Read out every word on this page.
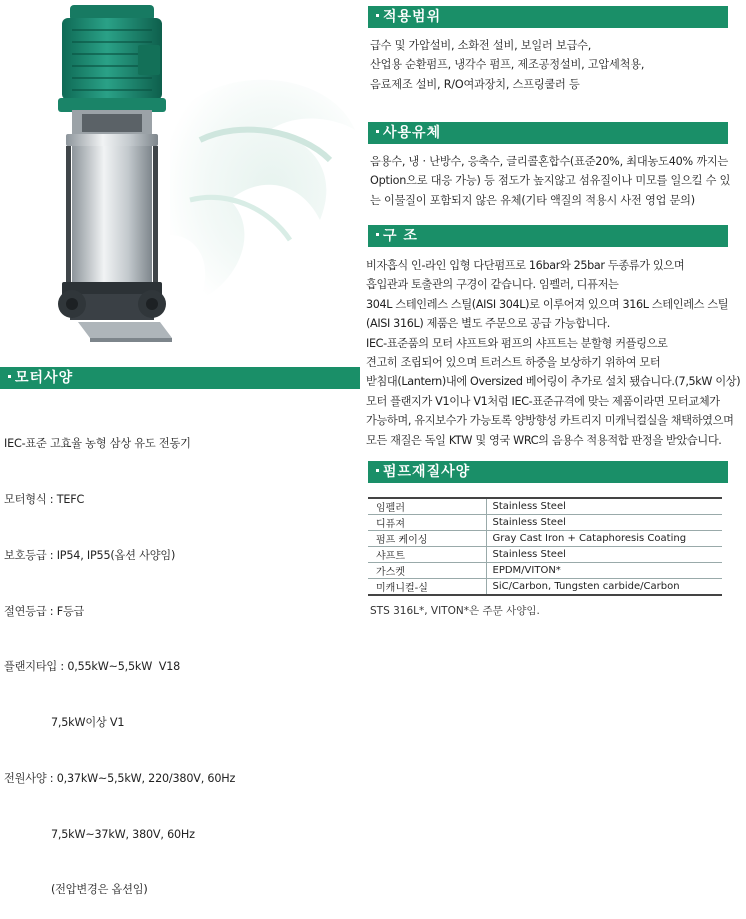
적용범위
급수 및 가압설비, 소화전 설비, 보일러 보급수,
산업용 순환펌프, 냉각수 펌프, 제조공정설비, 고압세척용,
음료제조 설비, R/O여과장치, 스프링쿨러 등
사용유체
음용수, 냉 · 난방수, 응축수, 글리콜혼합수(표준20%, 최대농도40% 까지는
Option으로 대응 가능) 등 점도가 높지않고 섬유질이나 미모를 일으킬 수 있
는 이물질이 포함되지 않은 유체(기타 액질의 적용시 사전 영업 문의)
구 조
비자흡식 인-라인 입형 다단펌프로 16bar와 25bar 두종류가 있으며
흡입관과 토출관의 구경이 같습니다. 임펠러, 디퓨저는
304L 스테인레스 스틸(AISI 304L)로 이루어져 있으며 316L 스테인레스 스틸
(AISI 316L) 제품은 별도 주문으로 공급 가능합니다.
IEC-표준품의 모터 샤프트와 펌프의 샤프트는 분할형 커플링으로
견고히 조립되어 있으며 트러스트 하중을 보상하기 위하여 모터
받침대(Lantern)내에 Oversized 베어링이 추가로 설치 됐습니다.(7,5kW 이상)
모터 플랜지가 V1이나 V1처럼 IEC-표준규격에 맞는 제품이라면 모터교체가
가능하며, 유지보수가 가능토록 양방향성 카트리지 미캐닉컬실을 채택하였으며
모든 재질은 독일 KTW 및 영국 WRC의 음용수 적용적합 판정을 받았습니다.
모터사양

IEC-표준 고효율 농형 삼상 유도 전동기

모터형식 : TEFC

보호등급 : IP54, IP55(옵션 사양임)

절연등급 : F등급

플랜지타입 : 0,55kW~5,5kW  V18

7,5kW이상 V1

전원사양 : 0,37kW~5,5kW, 220/380V, 60Hz

7,5kW~37kW, 380V, 60Hz

(전압변경은 옵션임)

펌프재질사양
임펠러	Stainless Steel
디퓨져	Stainless Steel
펌프 케이싱	Gray Cast Iron + Cataphoresis Coating
샤프트	Stainless Steel
가스켓	EPDM/VITON*
미캐니컬-실	SiC/Carbon, Tungsten carbide/Carbon
STS 316L*, VITON*은 주문 사양임.
